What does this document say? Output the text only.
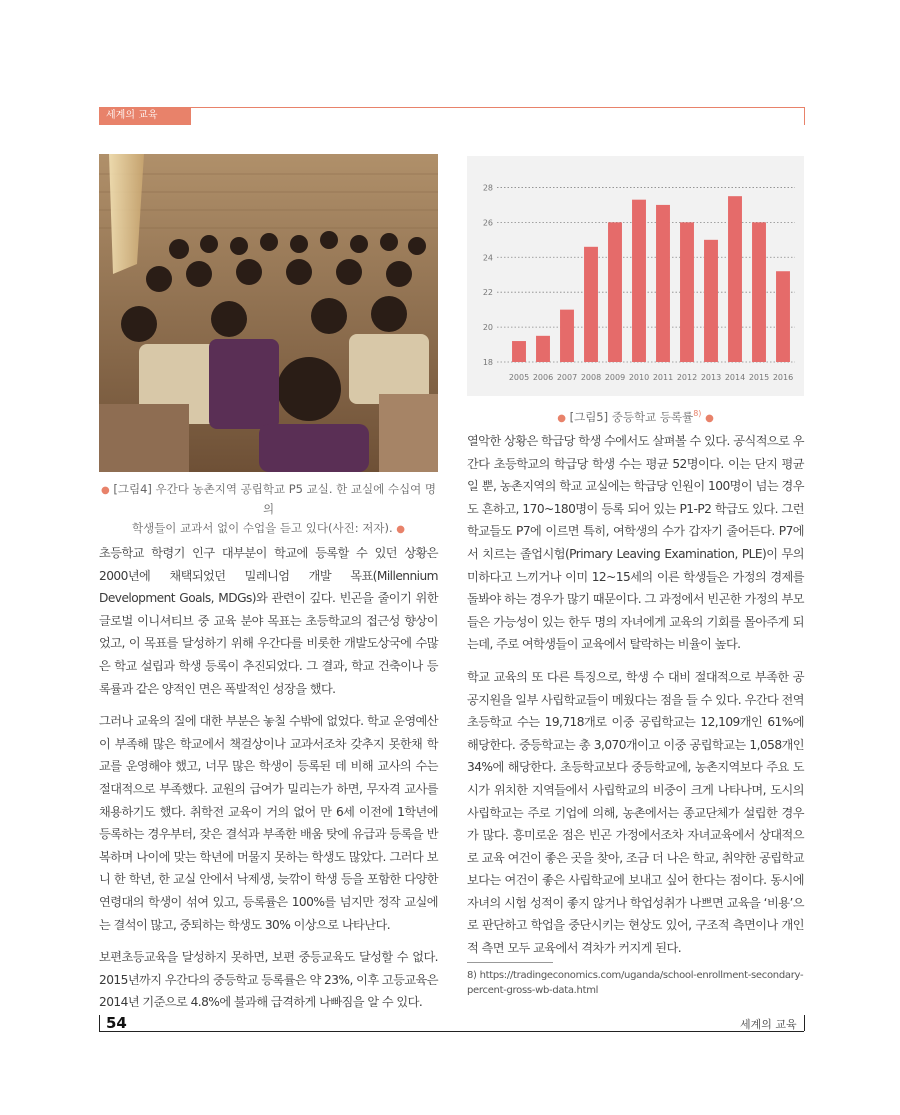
세계의 교육
● [그림4] 우간다 농촌지역 공립학교 P5 교실. 한 교실에 수십여 명의
학생들이 교과서 없이 수업을 듣고 있다(사진: 저자). ●
18
20
22
24
26
28
2005 2006 2007 2008 2009 2010 2011 2012 2013 2014 2015 2016
● [그림5] 중등학교 등록률$^{8)}$ ●

초등학교 학령기 인구 대부분이 학교에 등록할 수 있던 상황은 2000년에 채택되었던 밀레니엄 개발 목표(Millennium Development Goals, MDGs)와 관련이 깊다. 빈곤을 줄이기 위한 글로벌 이니셔티브 중 교육 분야 목표는 초등학교의 접근성 향상이었고, 이 목표를 달성하기 위해 우간다를 비롯한 개발도상국에 수많은 학교 설립과 학생 등록이 추진되었다. 그 결과, 학교 건축이나 등록률과 같은 양적인 면은 폭발적인 성장을 했다.

그러나 교육의 질에 대한 부분은 놓칠 수밖에 없었다. 학교 운영예산이 부족해 많은 학교에서 책걸상이나 교과서조차 갖추지 못한채 학교를 운영해야 했고, 너무 많은 학생이 등록된 데 비해 교사의 수는 절대적으로 부족했다. 교원의 급여가 밀리는가 하면, 무자격 교사를 채용하기도 했다. 취학전 교육이 거의 없어 만 6세 이전에 1학년에 등록하는 경우부터, 잦은 결석과 부족한 배움 탓에 유급과 등록을 반복하며 나이에 맞는 학년에 머물지 못하는 학생도 많았다. 그러다 보니 한 학년, 한 교실 안에서 낙제생, 늦깎이 학생 등을 포함한 다양한 연령대의 학생이 섞여 있고, 등록률은 100%를 넘지만 정작 교실에는 결석이 많고, 중퇴하는 학생도 30% 이상으로 나타난다.

보편초등교육을 달성하지 못하면, 보편 중등교육도 달성할 수 없다. 2015년까지 우간다의 중등학교 등록률은 약 23%, 이후 고등교육은 2014년 기준으로 4.8%에 불과해 급격하게 나빠짐을 알 수 있다.

열악한 상황은 학급당 학생 수에서도 살펴볼 수 있다. 공식적으로 우간다 초등학교의 학급당 학생 수는 평균 52명이다. 이는 단지 평균일 뿐, 농촌지역의 학교 교실에는 학급당 인원이 100명이 넘는 경우도 흔하고, 170~180명이 등록 되어 있는 P1-P2 학급도 있다. 그런 학교들도 P7에 이르면 특히, 여학생의 수가 갑자기 줄어든다. P7에서 치르는 졸업시험(Primary Leaving Examination, PLE)이 무의미하다고 느끼거나 이미 12~15세의 이른 학생들은 가정의 경제를 돌봐야 하는 경우가 많기 때문이다. 그 과정에서 빈곤한 가정의 부모들은 가능성이 있는 한두 명의 자녀에게 교육의 기회를 몰아주게 되는데, 주로 여학생들이 교육에서 탈락하는 비율이 높다.

학교 교육의 또 다른 특징으로, 학생 수 대비 절대적으로 부족한 공공지원을 일부 사립학교들이 메웠다는 점을 들 수 있다. 우간다 전역 초등학교 수는 19,718개로 이중 공립학교는 12,109개인 61%에 해당한다. 중등학교는 총 3,070개이고 이중 공립학교는 1,058개인 34%에 해당한다. 초등학교보다 중등학교에, 농촌지역보다 주요 도시가 위치한 지역들에서 사립학교의 비중이 크게 나타나며, 도시의 사립학교는 주로 기업에 의해, 농촌에서는 종교단체가 설립한 경우가 많다. 흥미로운 점은 빈곤 가정에서조차 자녀교육에서 상대적으로 교육 여건이 좋은 곳을 찾아, 조금 더 나은 학교, 취약한 공립학교보다는 여건이 좋은 사립학교에 보내고 싶어 한다는 점이다. 동시에 자녀의 시험 성적이 좋지 않거나 학업성취가 나쁘면 교육을 ‘비용’으로 판단하고 학업을 중단시키는 현상도 있어, 구조적 측면이나 개인적 측면 모두 교육에서 격차가 커지게 된다.

8) https://tradingeconomics.com/uganda/school-enrollment-secondary-percent-gross-wb-data.html
54	세계의 교육
